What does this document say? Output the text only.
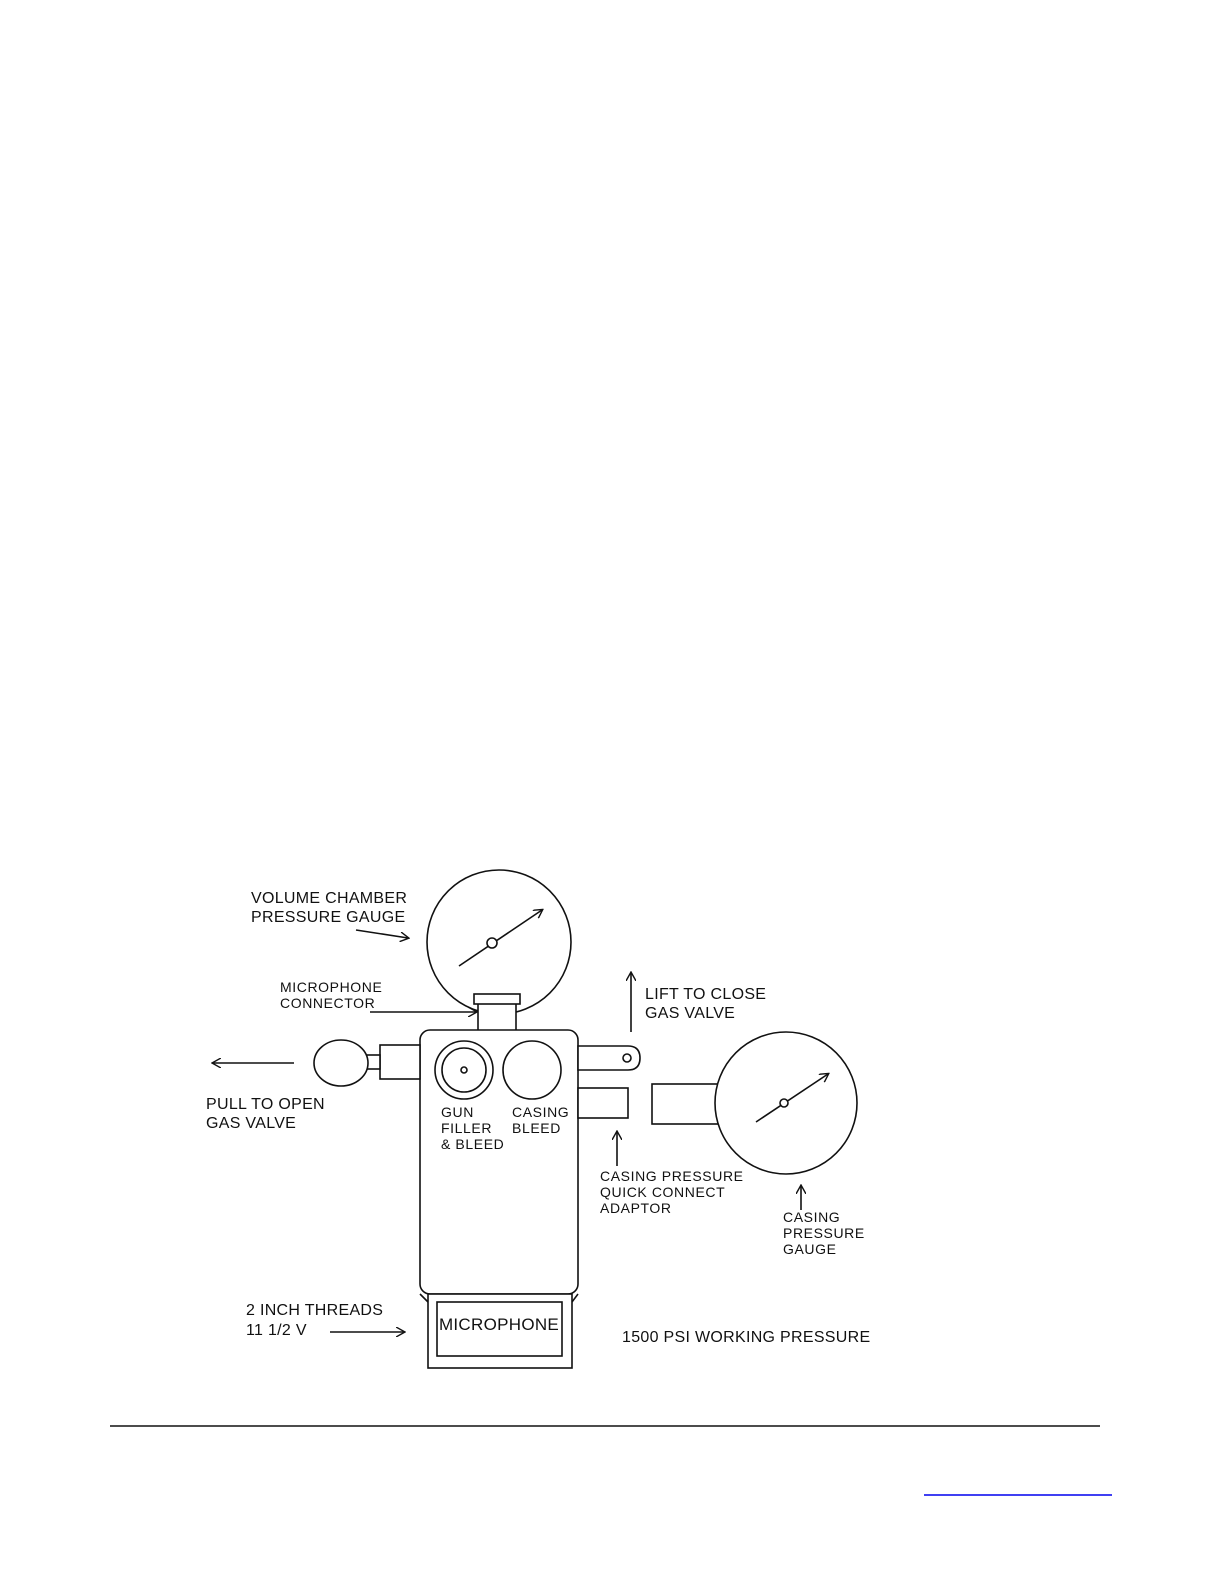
VOLUME CHAMBER
PRESSURE GAUGE
MICROPHONE
CONNECTOR	LIFT TO CLOSE
GAS VALVE
PULL TO OPEN
GAS VALVE
GUN
FILLER
& BLEED
CASING
BLEED
CASING PRESSURE
QUICK CONNECT
ADAPTOR
CASING
PRESSURE
GAUGE
2 INCH THREADS
11 1/2 V	MICROPHONE
1500 PSI WORKING PRESSURE
